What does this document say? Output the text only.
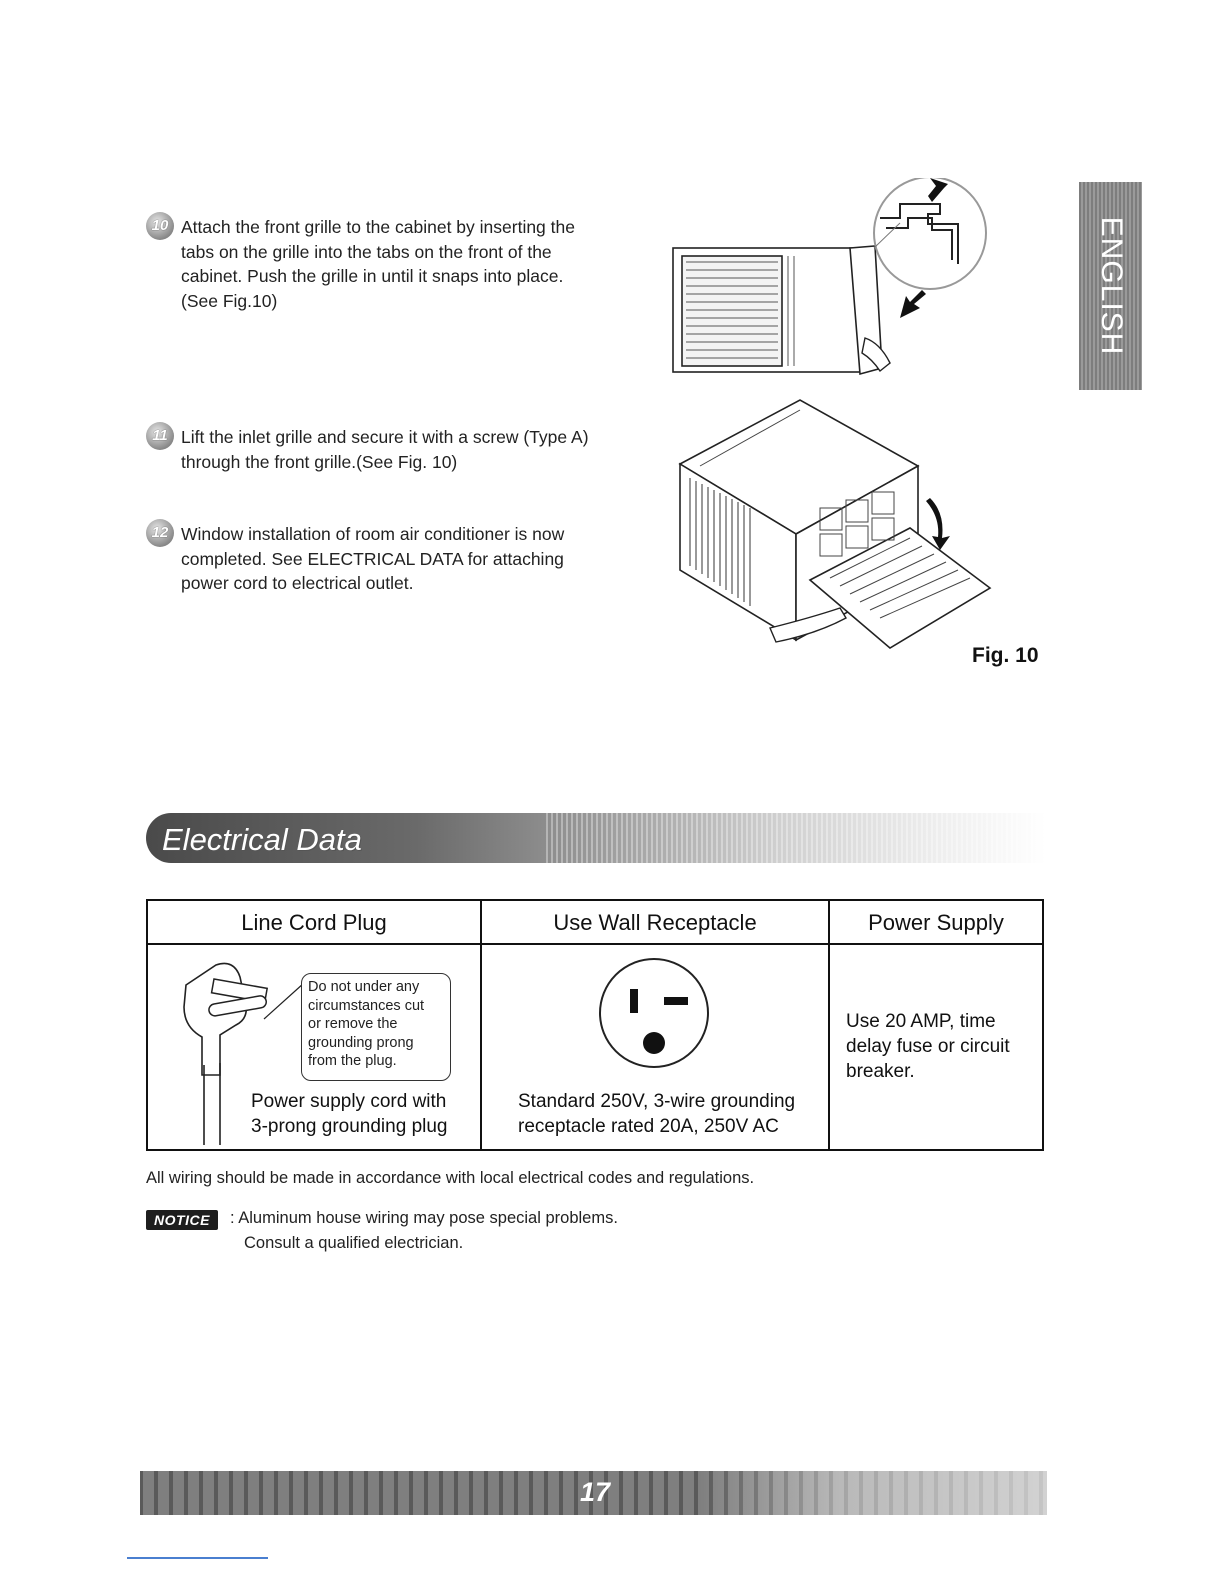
ENGLISH
10 Attach the front grille to the cabinet by inserting the
tabs on the grille into the tabs on the front of the
cabinet. Push the grille in until it snaps into place.
(See Fig.10)

11 Lift the inlet grille and secure it with a screw (Type A)
through the front grille.(See Fig. 10)

12 Window installation of room air conditioner is now
completed. See ELECTRICAL DATA for attaching
power cord to electrical outlet.

Fig. 10
Electrical Data
Line Cord Plug
Do not under any
circumstances cut
or remove the
grounding prong
from the plug.
Power supply cord with
3-prong grounding plug
Use Wall Receptacle
Standard 250V, 3-wire grounding
receptacle rated 20A, 250V AC
Power Supply
Use 20 AMP, time
delay fuse or circuit
breaker.
All wiring should be made in accordance with local electrical codes and regulations.
NOTICE	: Aluminum house wiring may pose special problems.
Consult a qualified electrician.
17
